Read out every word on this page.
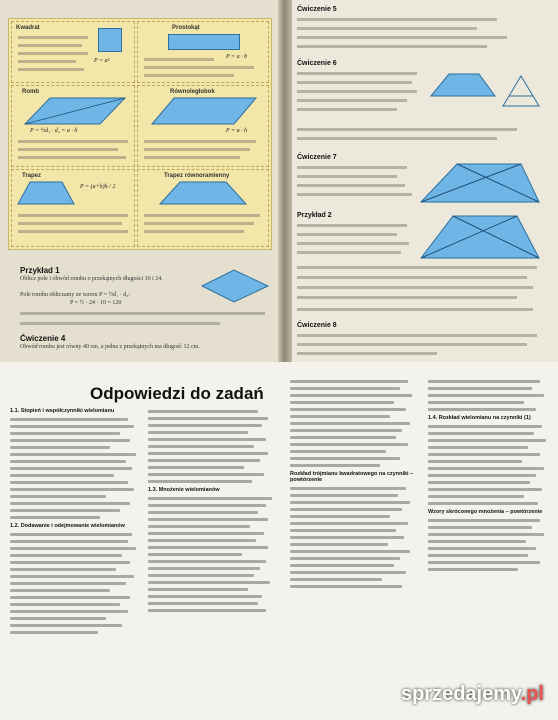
Kwadrat
P = a²
Prostokąt
P = a · b
Romb
P = ½d₁ · d₂ = a · h
Równoległobok
P = a · h
Trapez
P = (a+b)h / 2
Trapez równoramienny
Przykład 1
Oblicz pole i obwód rombu o przekątnych długości 10 i 24.
Pole rombu obliczamy ze wzoru P = ½d₁ · d₂:
P = ½ · 24 · 10 = 120
Ćwiczenie 4
Obwód rombu jest równy 40 cm, a jedna z przekątnych ma długość 12 cm.
Ćwiczenie 5
Ćwiczenie 6
Ćwiczenie 7
Przykład 2
Ćwiczenie 8
Odpowiedzi do zadań
1.1. Stopień i współczynniki wielomianu
1.2. Dodawanie i odejmowanie wielomianów
1.3. Mnożenie wielomianów
Rozkład trójmianu kwadratowego na czynniki – powtórzenie
1.4. Rozkład wielomianu na czynniki (1)
Wzory skróconego mnożenia – powtórzenie
sprzedajemy.pl
